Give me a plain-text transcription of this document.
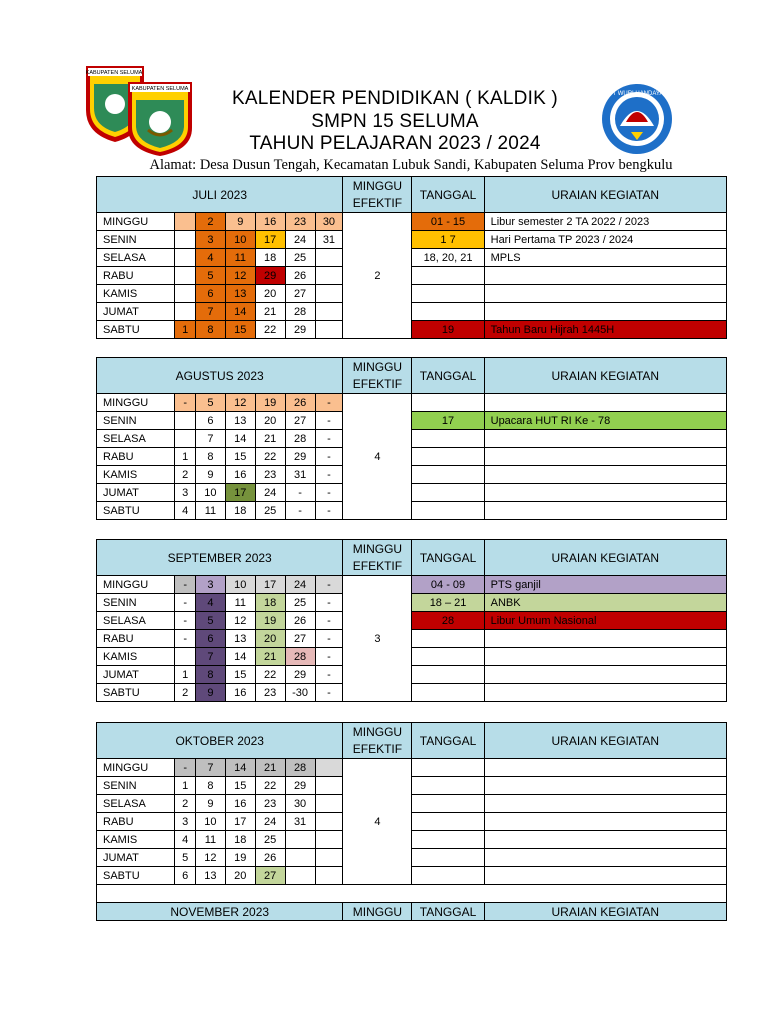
KABUPATEN SELUMA
KABUPATEN SELUMA
TUT WURI HANDAYANI
KALENDER PENDIDIKAN ( KALDIK )
SMPN 15 SELUMA
TAHUN PELAJARAN 2023 / 2024
Alamat: Desa Dusun Tengah, Kecamatan Lubuk Sandi, Kabupaten Seluma Prov bengkulu
JULI 2023							MINGGU EFEKTIF	TANGGAL	URAIAN KEGIATAN
MINGGU		2	9	16	23	30	2	01 - 15	Libur semester 2 TA 2022 / 2023
SENIN		3	10	17	24	31		1 7	Hari Pertama TP 2023 / 2024
SELASA		4	11	18	25			18, 20, 21	MPLS
RABU		5	12	29	26				
KAMIS		6	13	20	27				
JUMAT		7	14	21	28				
SABTU	1	8	15	22	29			19	Tahun Baru Hijrah 1445H
AGUSTUS 2023							MINGGU EFEKTIF	TANGGAL	URAIAN KEGIATAN
MINGGU	-	5	12	19	26	-	4		
SENIN		6	13	20	27	-		17	Upacara HUT RI Ke - 78
SELASA		7	14	21	28	-			
RABU	1	8	15	22	29	-			
KAMIS	2	9	16	23	31	-			
JUMAT	3	10	17	24	-	-			
SABTU	4	11	18	25	-	-			
SEPTEMBER 2023							MINGGU EFEKTIF	TANGGAL	URAIAN KEGIATAN
MINGGU	-	3	10	17	24	-	3	04 - 09	PTS ganjil
SENIN	-	4	11	18	25	-		18 – 21	ANBK
SELASA	-	5	12	19	26	-		28	Libur Umum Nasional
RABU	-	6	13	20	27	-			
KAMIS		7	14	21	28	-			
JUMAT	1	8	15	22	29	-			
SABTU	2	9	16	23	-30	-			
OKTOBER 2023							MINGGU EFEKTIF	TANGGAL	URAIAN KEGIATAN
MINGGU	-	7	14	21	28		4		
SENIN	1	8	15	22	29				
SELASA	2	9	16	23	30				
RABU	3	10	17	24	31				
KAMIS	4	11	18	25					
JUMAT	5	12	19	26					
SABTU	6	13	20	27					

NOVEMBER 2023							MINGGU	TANGGAL	URAIAN KEGIATAN
